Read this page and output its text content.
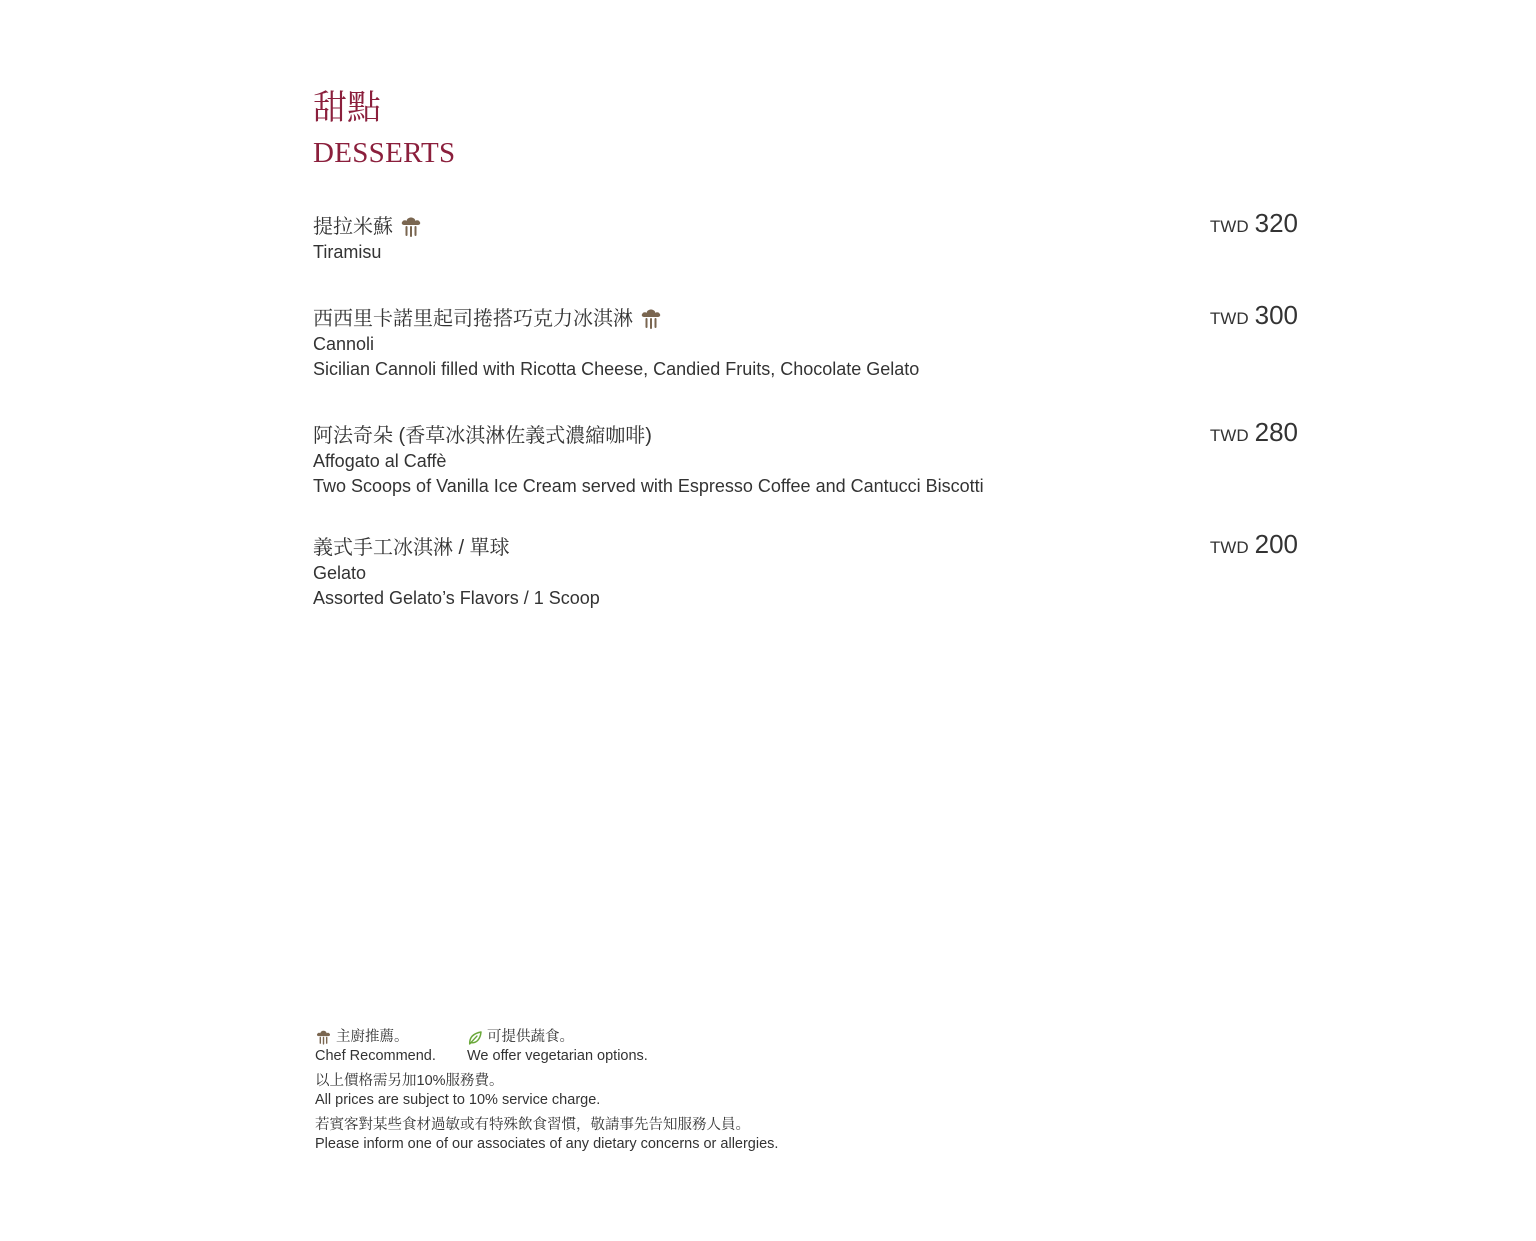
甜點
DESSERTS
提拉米蘇
Tiramisu
TWD 320
西西里卡諾里起司捲搭巧克力冰淇淋
Cannoli
Sicilian Cannoli filled with Ricotta Cheese, Candied Fruits, Chocolate Gelato
TWD 300
阿法奇朵 (香草冰淇淋佐義式濃縮咖啡)
Affogato al Caffè
Two Scoops of Vanilla Ice Cream served with Espresso Coffee and Cantucci Biscotti
TWD 280
義式手工冰淇淋 / 單球
Gelato
Assorted Gelato’s Flavors / 1 Scoop
TWD 200
主廚推薦。
Chef Recommend.
可提供蔬食。
We offer vegetarian options.
以上價格需另加10%服務費。
All prices are subject to 10% service charge.
若賓客對某些食材過敏或有特殊飲食習慣，敬請事先告知服務人員。
Please inform one of our associates of any dietary concerns or allergies.
